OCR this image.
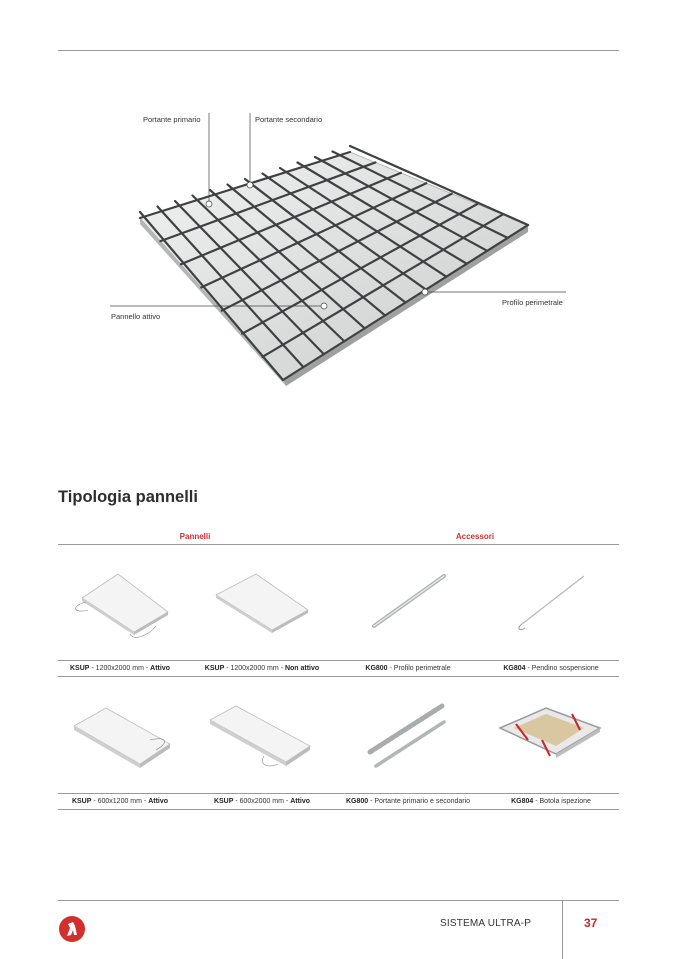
Portante primario	Portante secondario
Pannello attivo
Profilo perimetrale
Tipologia pannelli
Pannelli	Accessori
KSUP - 1200x2000 mm - Attivo	KSUP - 1200x2000 mm - Non attivo	KG800 - Profilo perimetrale	KG804 - Pendino sospensione
KSUP - 600x1200 mm - Attivo	KSUP - 600x2000 mm - Attivo	KG800 - Portante primario e secondario	KG804 - Botola ispezione
SISTEMA ULTRA-P	37
